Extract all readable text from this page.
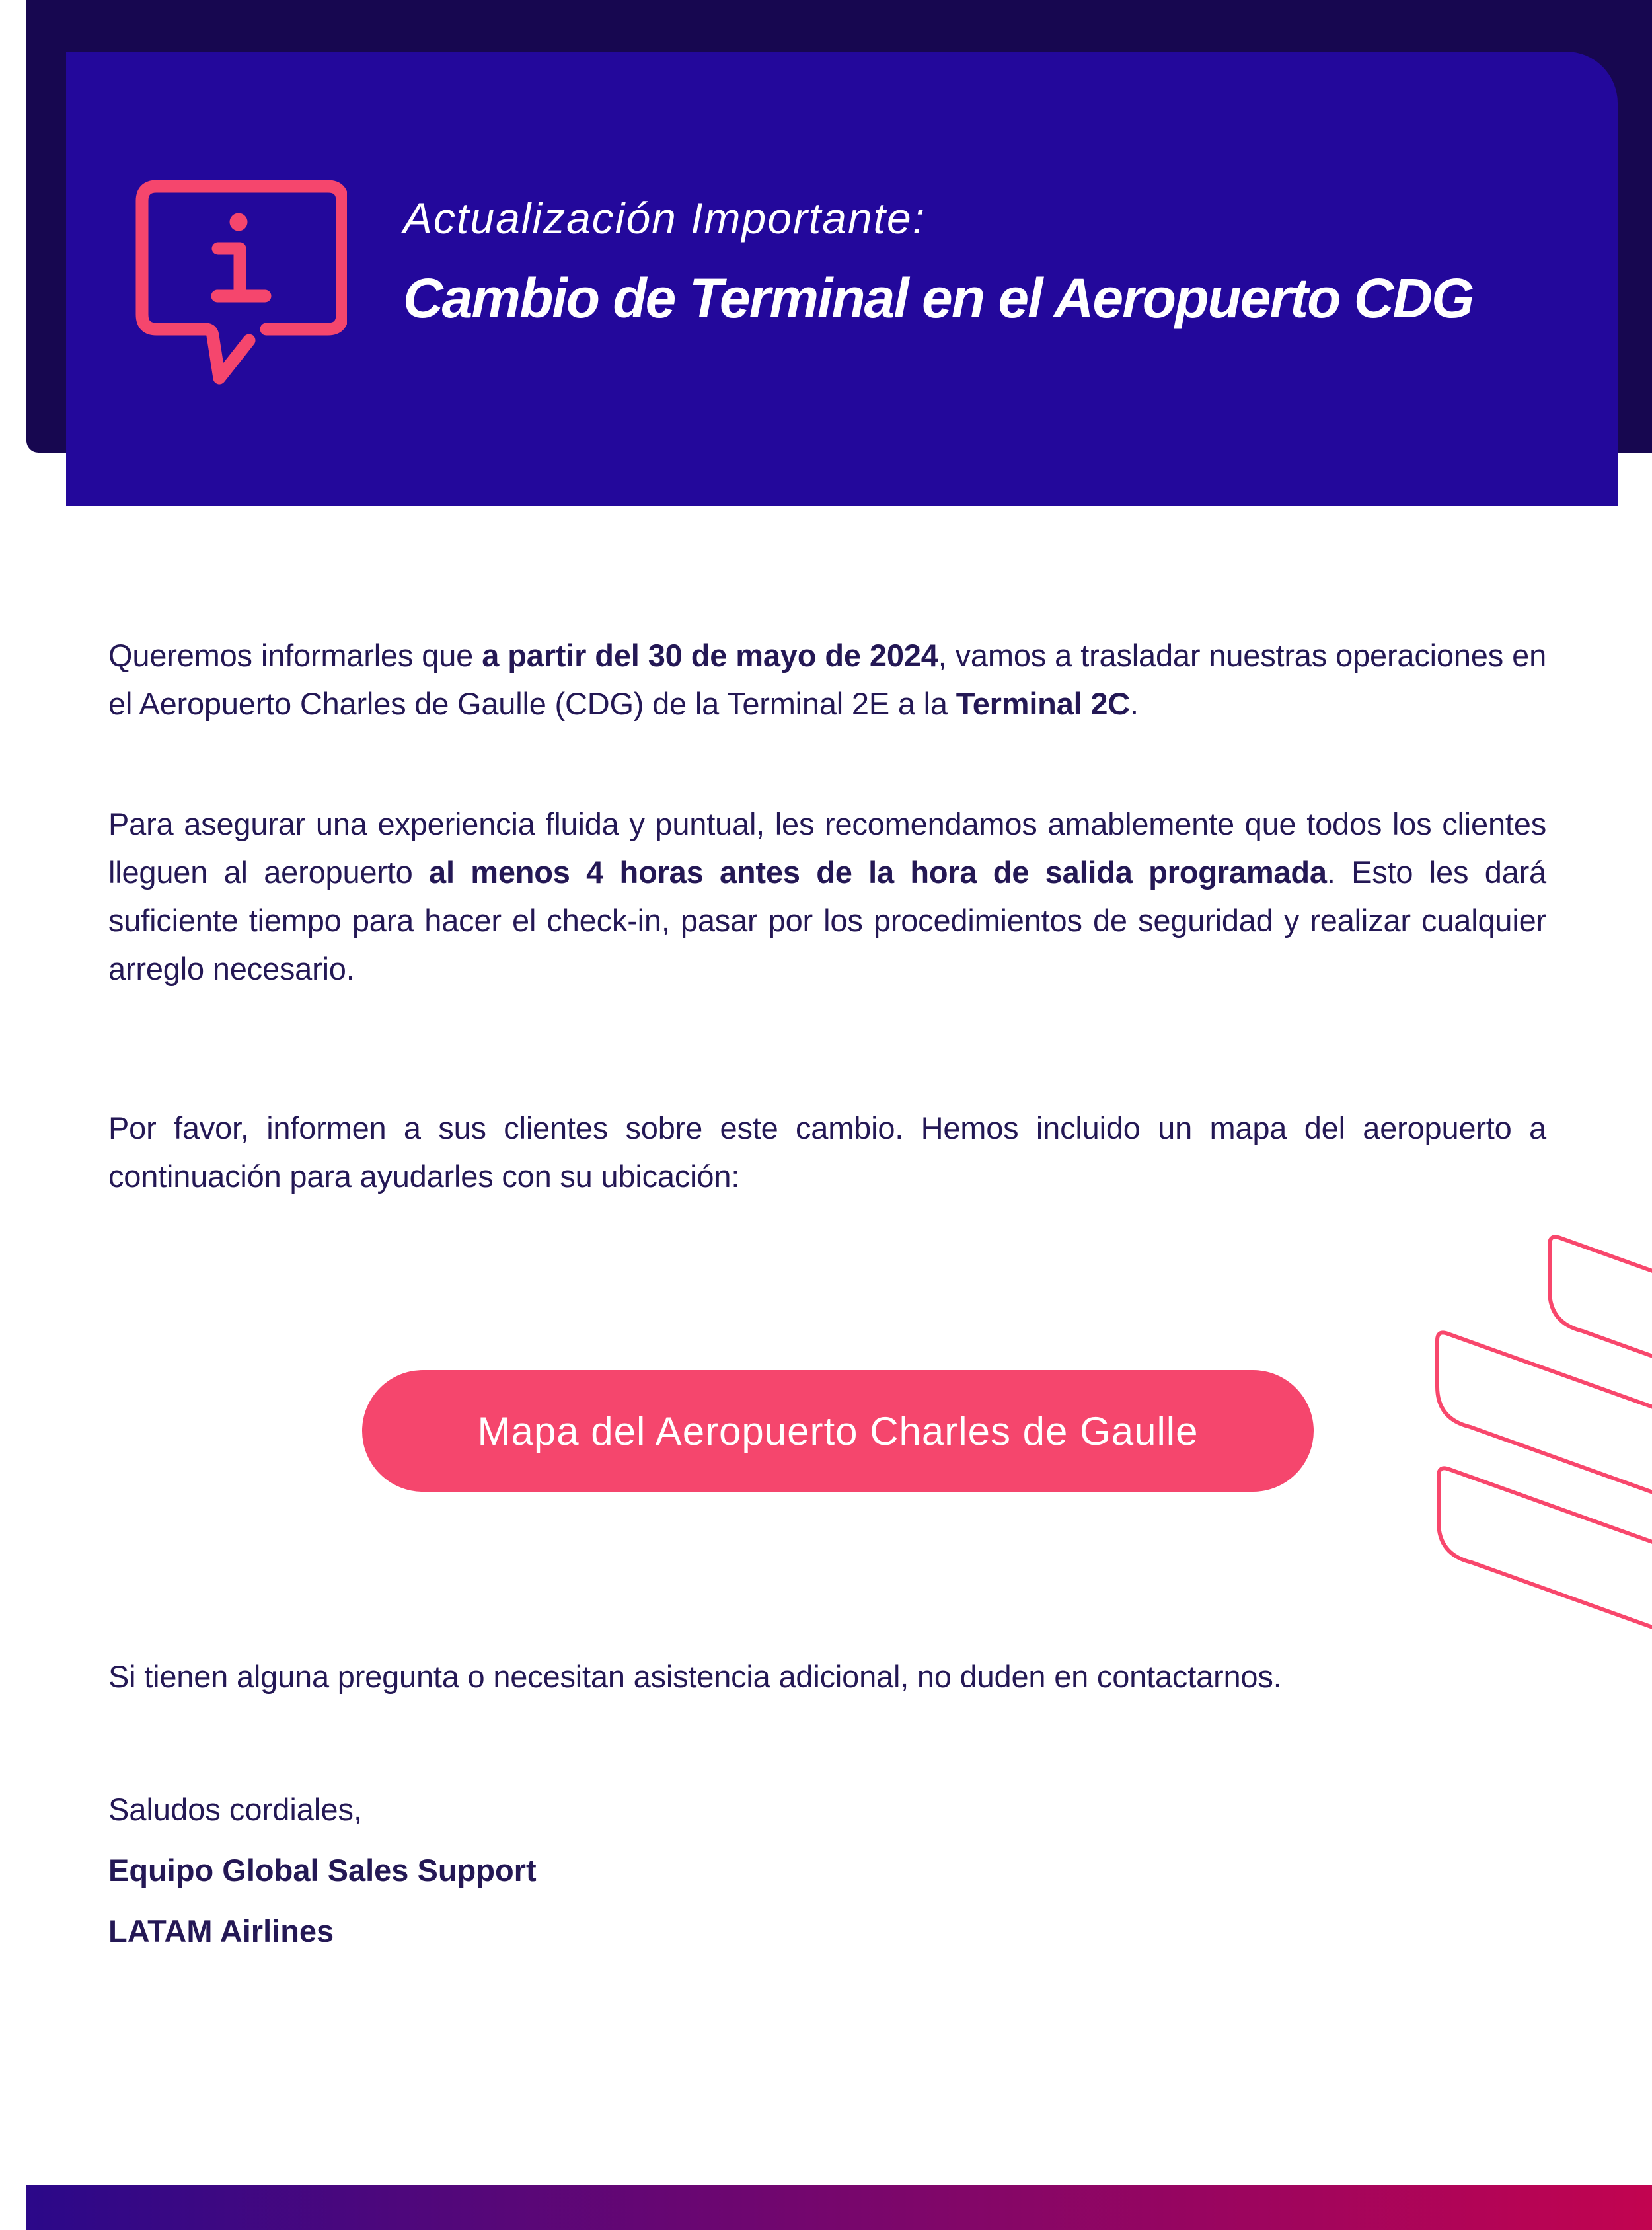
Actualización Importante:
Cambio de Terminal en el Aeropuerto CDG
Queremos informarles que a partir del 30 de mayo de 2024, vamos a trasladar nuestras operaciones en el Aeropuerto Charles de Gaulle (CDG) de la Terminal 2E a la Terminal 2C.
Para asegurar una experiencia fluida y puntual, les recomendamos amablemente que todos los clientes lleguen al aeropuerto al menos 4 horas antes de la hora de salida programada. Esto les dará suficiente tiempo para hacer el check-in, pasar por los procedimientos de seguridad y realizar cualquier arreglo necesario.
Por favor, informen a sus clientes sobre este cambio. Hemos incluido un mapa del aeropuerto a continuación para ayudarles con su ubicación:
Mapa del Aeropuerto Charles de Gaulle
Si tienen alguna pregunta o necesitan asistencia adicional, no duden en contactarnos.
Saludos cordiales,
Equipo Global Sales Support
LATAM Airlines
